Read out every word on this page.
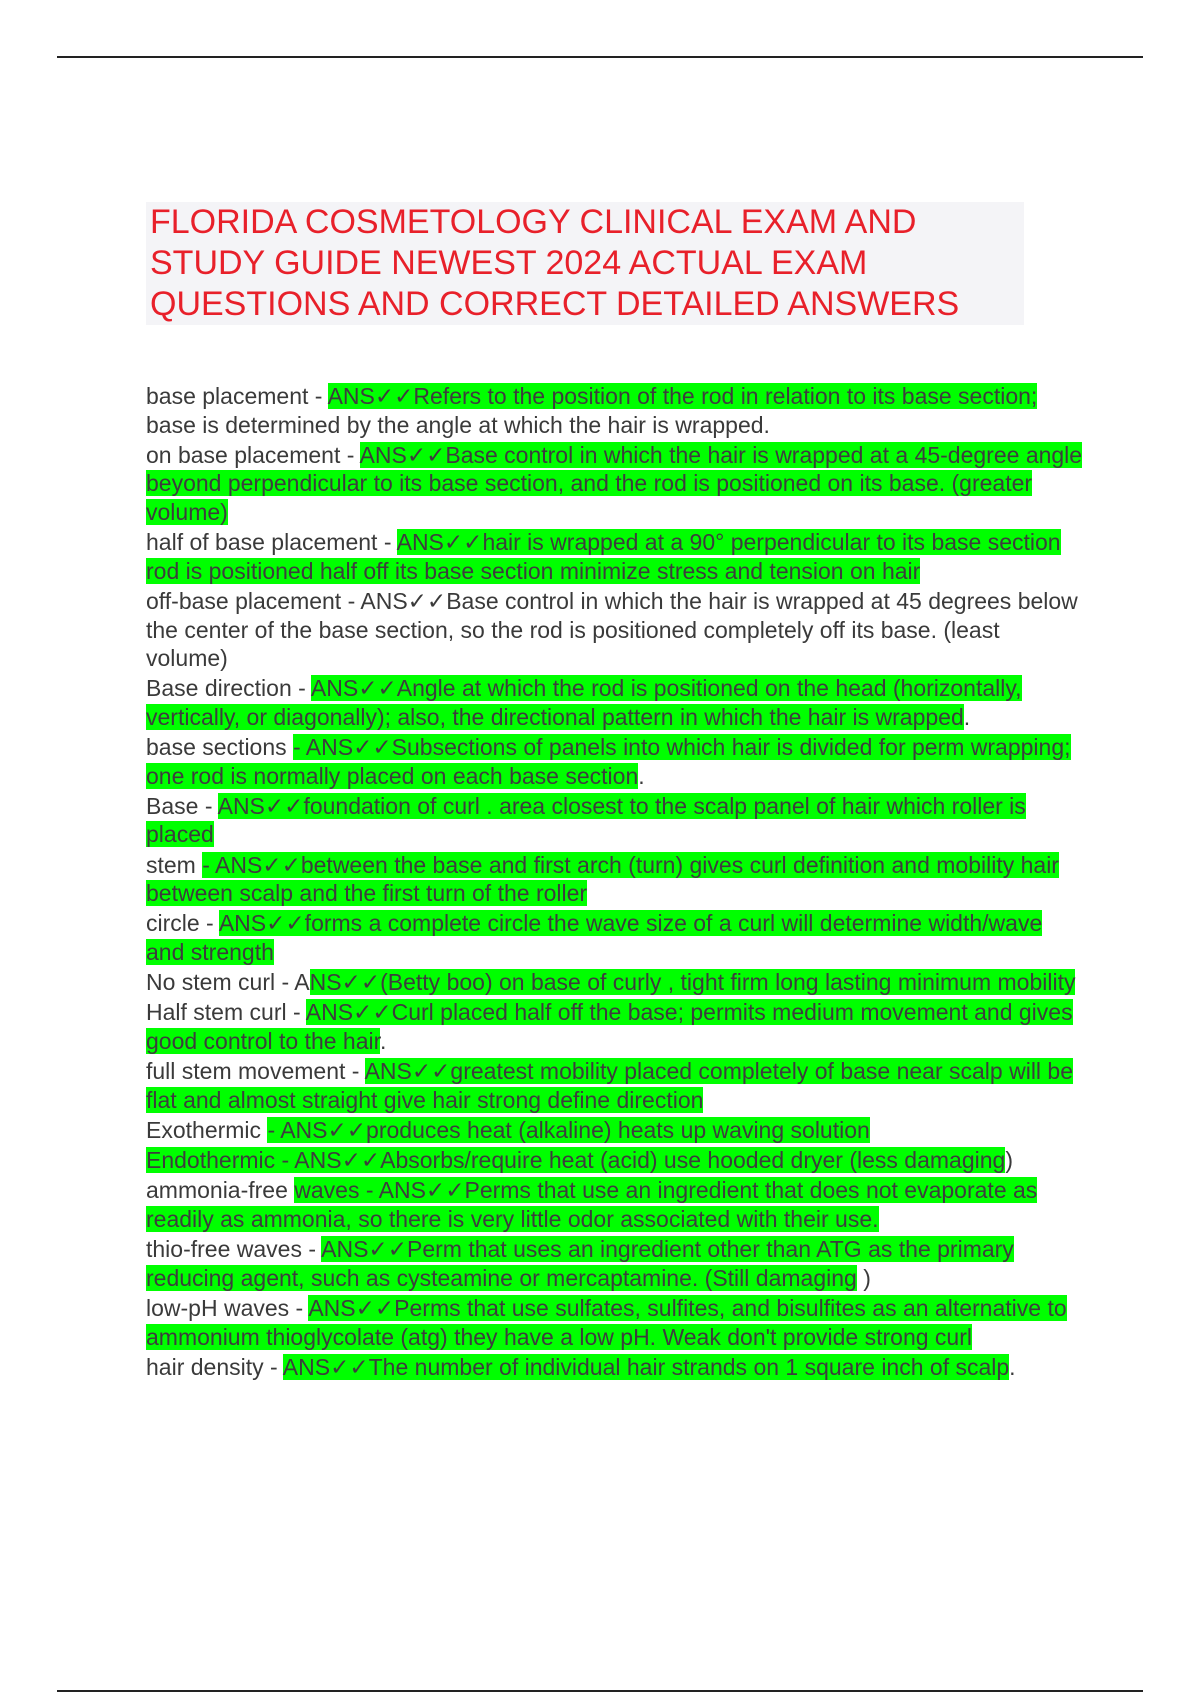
FLORIDA COSMETOLOGY CLINICAL EXAM AND
STUDY GUIDE NEWEST 2024 ACTUAL EXAM
QUESTIONS AND CORRECT DETAILED ANSWERS
base placement - ANS✓✓Refers to the position of the rod in relation to its base section; base is determined by the angle at which the hair is wrapped.
on base placement - ANS✓✓Base control in which the hair is wrapped at a 45-degree angle beyond perpendicular to its base section, and the rod is positioned on its base. (greater volume)
half of base placement - ANS✓✓hair is wrapped at a 90° perpendicular to its base section rod is positioned half off its base section minimize stress and tension on hair
off-base placement - ANS✓✓Base control in which the hair is wrapped at 45 degrees below the center of the base section, so the rod is positioned completely off its base. (least volume)
Base direction - ANS✓✓Angle at which the rod is positioned on the head (horizontally, vertically, or diagonally); also, the directional pattern in which the hair is wrapped.
base sections - ANS✓✓Subsections of panels into which hair is divided for perm wrapping; one rod is normally placed on each base section.
Base - ANS✓✓foundation of curl . area closest to the scalp panel of hair which roller is placed
stem - ANS✓✓between the base and first arch (turn) gives curl definition and mobility hair between scalp and the first turn of the roller
circle - ANS✓✓forms a complete circle the wave size of a curl will determine width/wave and strength
No stem curl - ANS✓✓(Betty boo) on base of curly , tight firm long lasting minimum mobility
Half stem curl - ANS✓✓Curl placed half off the base; permits medium movement and gives good control to the hair.
full stem movement - ANS✓✓greatest mobility placed completely of base near scalp will be flat and almost straight give hair strong define direction
Exothermic - ANS✓✓produces heat (alkaline) heats up waving solution
Endothermic - ANS✓✓Absorbs/require heat (acid) use hooded dryer (less damaging)
ammonia-free waves - ANS✓✓Perms that use an ingredient that does not evaporate as readily as ammonia, so there is very little odor associated with their use.
thio-free waves - ANS✓✓Perm that uses an ingredient other than ATG as the primary reducing agent, such as cysteamine or mercaptamine. (Still damaging )
low-pH waves - ANS✓✓Perms that use sulfates, sulfites, and bisulfites as an alternative to ammonium thioglycolate (atg) they have a low pH. Weak don't provide strong curl
hair density - ANS✓✓The number of individual hair strands on 1 square inch of scalp.
